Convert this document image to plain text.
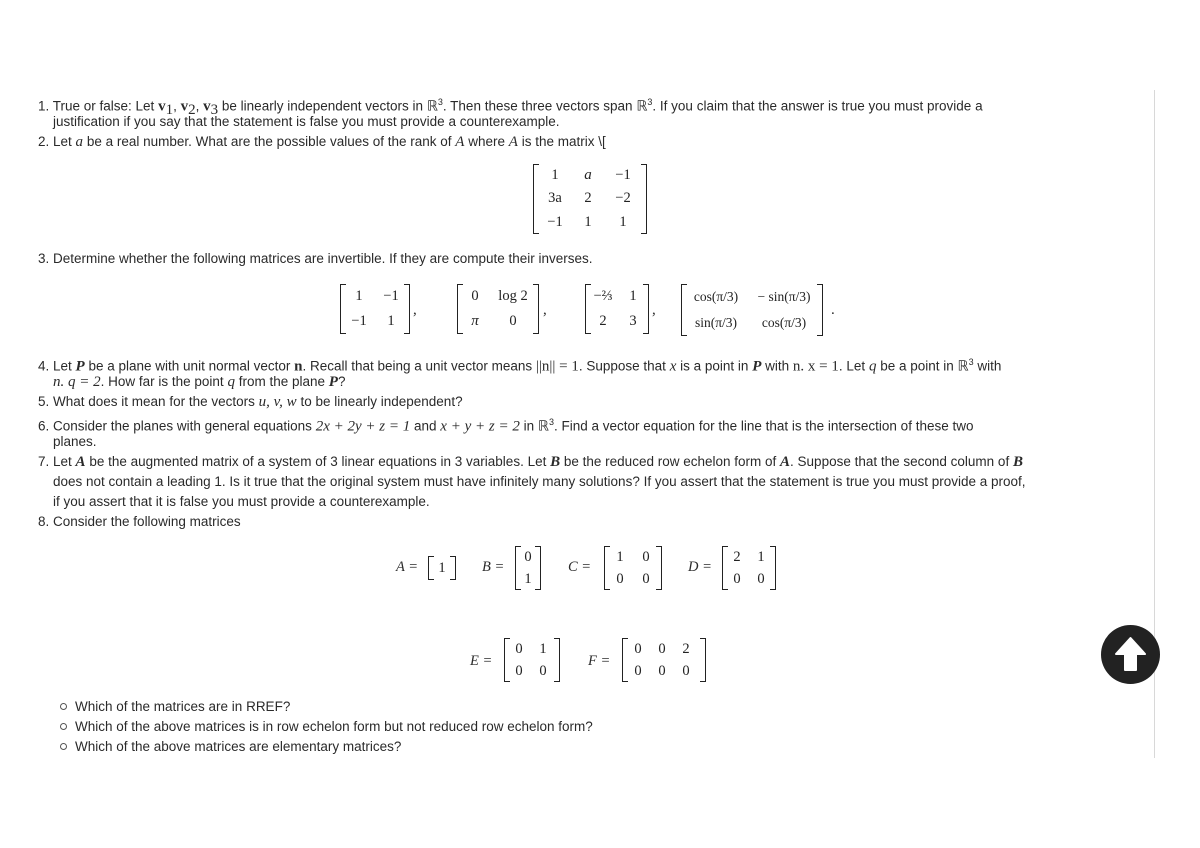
1. True or false: Let $v_1$, $v_2$, $v_3$ be linearly independent vectors in ℝ$^3$. Then these three vectors span ℝ$^3$. If you claim that the answer is true you must provide a
justification if you say that the statement is false you must provide a counterexample.
2. Let a be a real number. What are the possible values of the rank of A where A is the matrix \[
1 a −1
3a 2 −2
−1 1 1
3. Determine whether the following matrices are invertible. If they are compute their inverses.
1 −1
−1 1
,
0 log 2
π 0
,
−⅔ 1
2 3
,
cos(π/3) − sin(π/3)
sin(π/3) cos(π/3)
.
4. Let P be a plane with unit normal vector n. Recall that being a unit vector means ||n|| = 1. Suppose that x is a point in P with n. x = 1. Let q be a point in ℝ$^3$ with
n. q = 2. How far is the point q from the plane P?
5. What does it mean for the vectors u, v, w to be linearly independent?
6. Consider the planes with general equations 2x + 2y + z = 1 and x + y + z = 2 in ℝ$^3$. Find a vector equation for the line that is the intersection of these two
planes.
7. Let A be the augmented matrix of a system of 3 linear equations in 3 variables. Let B be the reduced row echelon form of A. Suppose that the second column of B
does not contain a leading 1. Is it true that the original system must have infinitely many solutions? If you assert that the statement is true you must provide a proof,
if you assert that it is false you must provide a counterexample.
8. Consider the following matrices
A = 1	B =
0
1
C =
1 0
0 0
D =
2 1
0 0
E =
0 1
0 0
F =
0 0 2
0 0 0
Which of the matrices are in RREF?
Which of the above matrices is in row echelon form but not reduced row echelon form?
Which of the above matrices are elementary matrices?
